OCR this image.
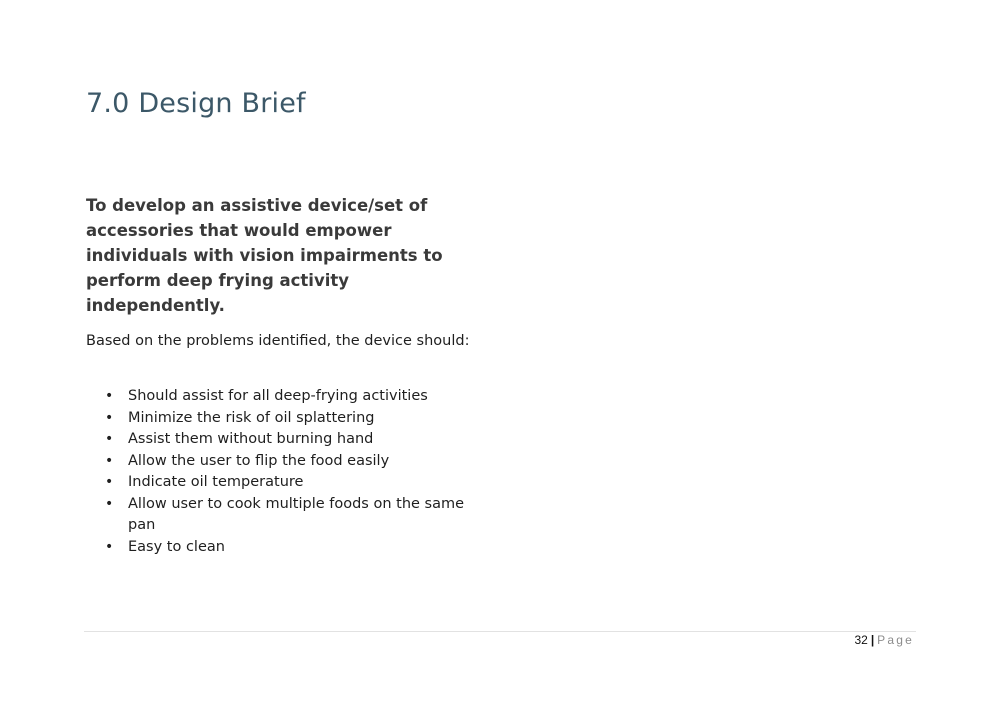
7.0 Design Brief

To develop an assistive device/set of accessories that would empower individuals with vision impairments to perform deep frying activity independently.

Based on the problems identified, the device should:

• Should assist for all deep-frying activities
• Minimize the risk of oil splattering
• Assist them without burning hand
• Allow the user to flip the food easily
• Indicate oil temperature
• Allow user to cook multiple foods on the same pan
• Easy to clean
32 | Page
